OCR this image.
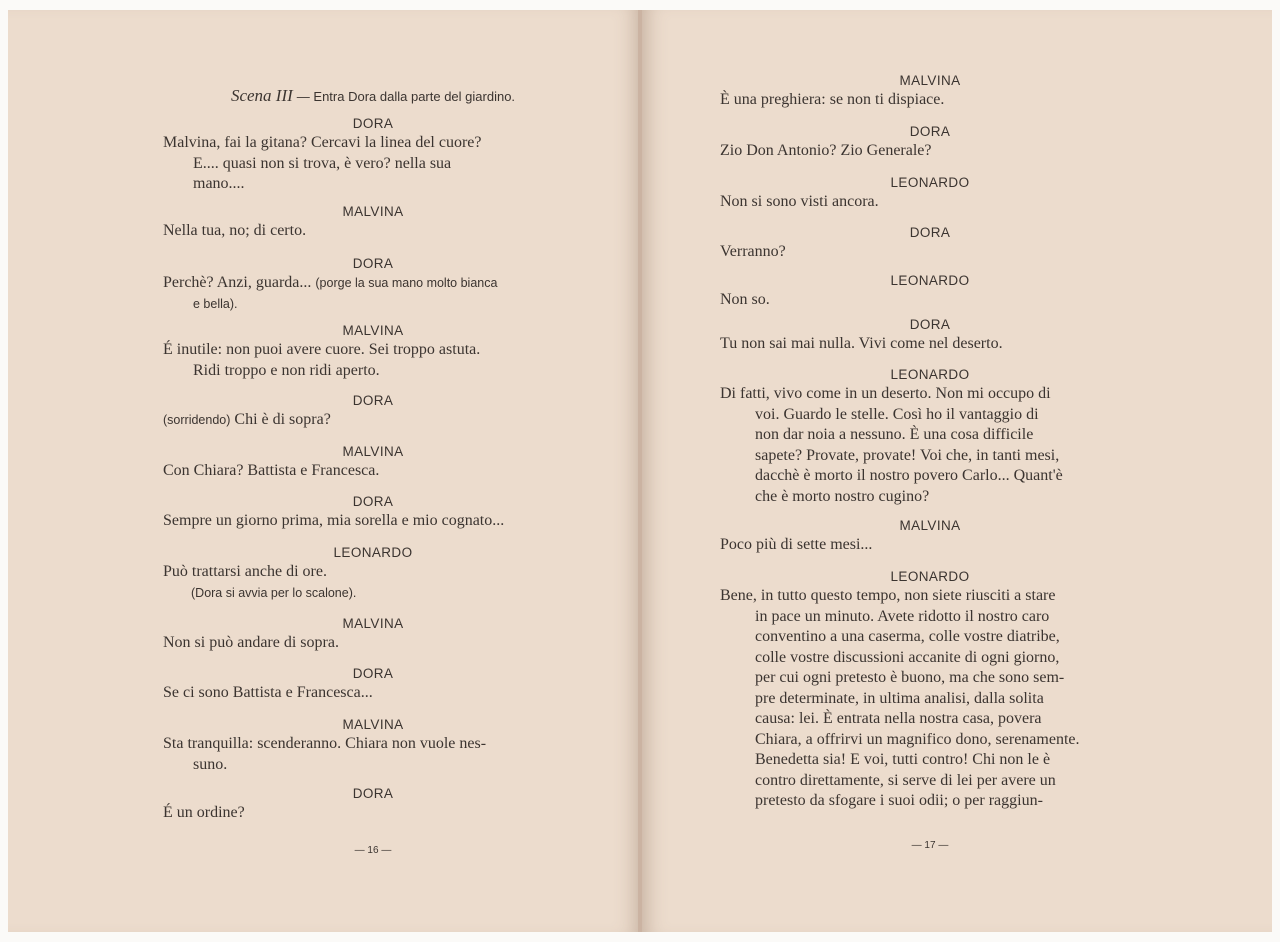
Scena III — Entra Dora dalla parte del giardino.
DORA
Malvina, fai la gitana? Cercavi la linea del cuore?
E.... quasi non si trova, è vero? nella sua
mano....
MALVINA
Nella tua, no; di certo.
DORA
Perchè? Anzi, guarda... (porge la sua mano molto bianca
e bella).
MALVINA
É inutile: non puoi avere cuore. Sei troppo astuta.
Ridi troppo e non ridi aperto.
DORA
(sorridendo) Chi è di sopra?
MALVINA
Con Chiara? Battista e Francesca.
DORA
Sempre un giorno prima, mia sorella e mio cognato...
LEONARDO
Può trattarsi anche di ore.
(Dora si avvia per lo scalone).
MALVINA
Non si può andare di sopra.
DORA
Se ci sono Battista e Francesca...
MALVINA
Sta tranquilla: scenderanno. Chiara non vuole nes-
suno.
DORA
É un ordine?
— 16 —
MALVINA
È una preghiera: se non ti dispiace.
DORA
Zio Don Antonio? Zio Generale?
LEONARDO
Non si sono visti ancora.
DORA
Verranno?
LEONARDO
Non so.
DORA
Tu non sai mai nulla. Vivi come nel deserto.
LEONARDO
Di fatti, vivo come in un deserto. Non mi occupo di
voi. Guardo le stelle. Così ho il vantaggio di
non dar noia a nessuno. È una cosa difficile
sapete? Provate, provate! Voi che, in tanti mesi,
dacchè è morto il nostro povero Carlo... Quant'è
che è morto nostro cugino?
MALVINA
Poco più di sette mesi...
LEONARDO
Bene, in tutto questo tempo, non siete riusciti a stare
in pace un minuto. Avete ridotto il nostro caro
conventino a una caserma, colle vostre diatribe,
colle vostre discussioni accanite di ogni giorno,
per cui ogni pretesto è buono, ma che sono sem-
pre determinate, in ultima analisi, dalla solita
causa: lei. È entrata nella nostra casa, povera
Chiara, a offrirvi un magnifico dono, serenamente.
Benedetta sia! E voi, tutti contro! Chi non le è
contro direttamente, si serve di lei per avere un
pretesto da sfogare i suoi odii; o per raggiun-
— 17 —
